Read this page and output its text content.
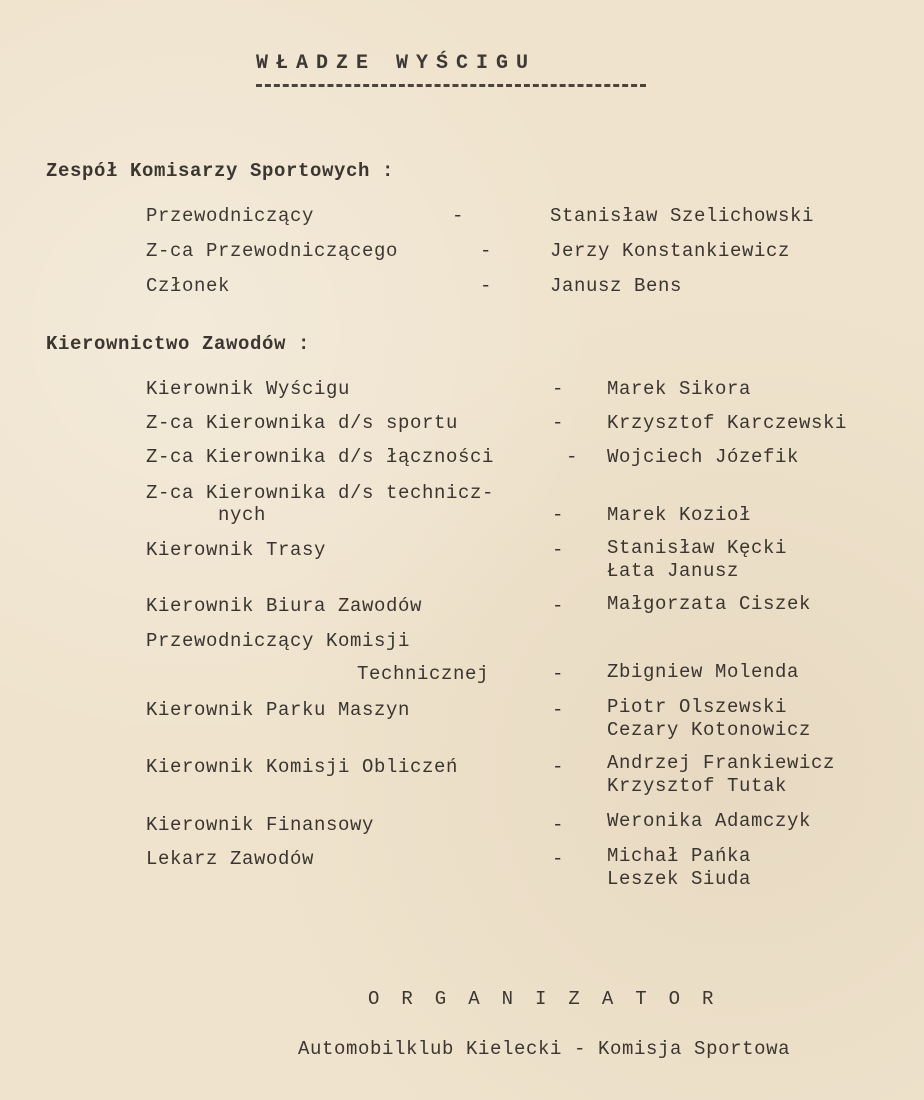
WŁADZE WYŚCIGU
Zespół Komisarzy Sportowych :
Przewodniczący	-	Stanisław Szelichowski
Z-ca Przewodniczącego	-	Jerzy Konstankiewicz
Członek	-	Janusz Bens
Kierownictwo Zawodów :
Kierownik Wyścigu	- Marek Sikora
Z-ca Kierownika d/s sportu	- Krzysztof Karczewski
Z-ca Kierownika d/s łączności	- Wojciech Józefik
Z-ca Kierownika d/s technicz-
nych	- Marek Kozioł
Kierownik Trasy	- Stanisław Kęcki
Łata Janusz
Kierownik Biura Zawodów	- Małgorzata Ciszek
Przewodniczący Komisji
Technicznej	- Zbigniew Molenda
Kierownik Parku Maszyn	- Piotr Olszewski
Cezary Kotonowicz
Kierownik Komisji Obliczeń	- Andrzej Frankiewicz
Krzysztof Tutak
Kierownik Finansowy	- Weronika Adamczyk
Lekarz Zawodów	- Michał Pańka
Leszek Siuda
ORGANIZATOR
Automobilklub Kielecki - Komisja Sportowa
